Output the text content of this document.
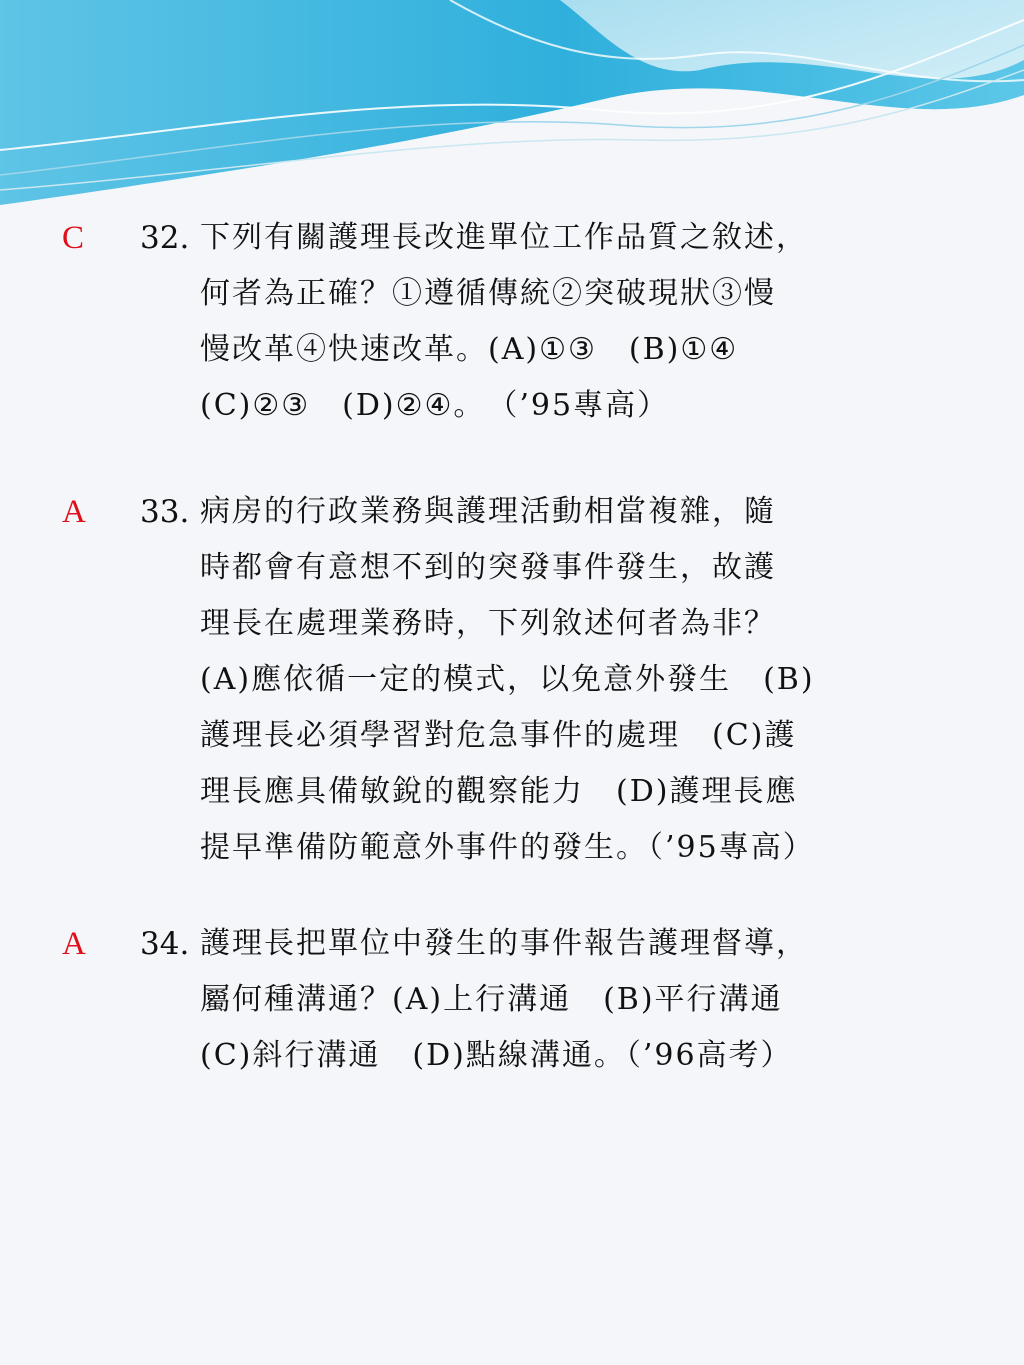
C 32. 下列有關護理長改進單位工作品質之敘述，
何者為正確？①遵循傳統②突破現狀③慢
慢改革④快速改革。(A)①③　(B)①④
(C)②③　(D)②④。　（’95專高）
A 33. 病房的行政業務與護理活動相當複雜，隨
時都會有意想不到的突發事件發生，故護
理長在處理業務時，下列敘述何者為非？
(A)應依循一定的模式，以免意外發生　(B)
護理長必須學習對危急事件的處理　(C)護
理長應具備敏銳的觀察能力　(D)護理長應
提早準備防範意外事件的發生。（’95專高）
A 34. 護理長把單位中發生的事件報告護理督導，
屬何種溝通？(A)上行溝通　(B)平行溝通
(C)斜行溝通　(D)點線溝通。（’96高考）
